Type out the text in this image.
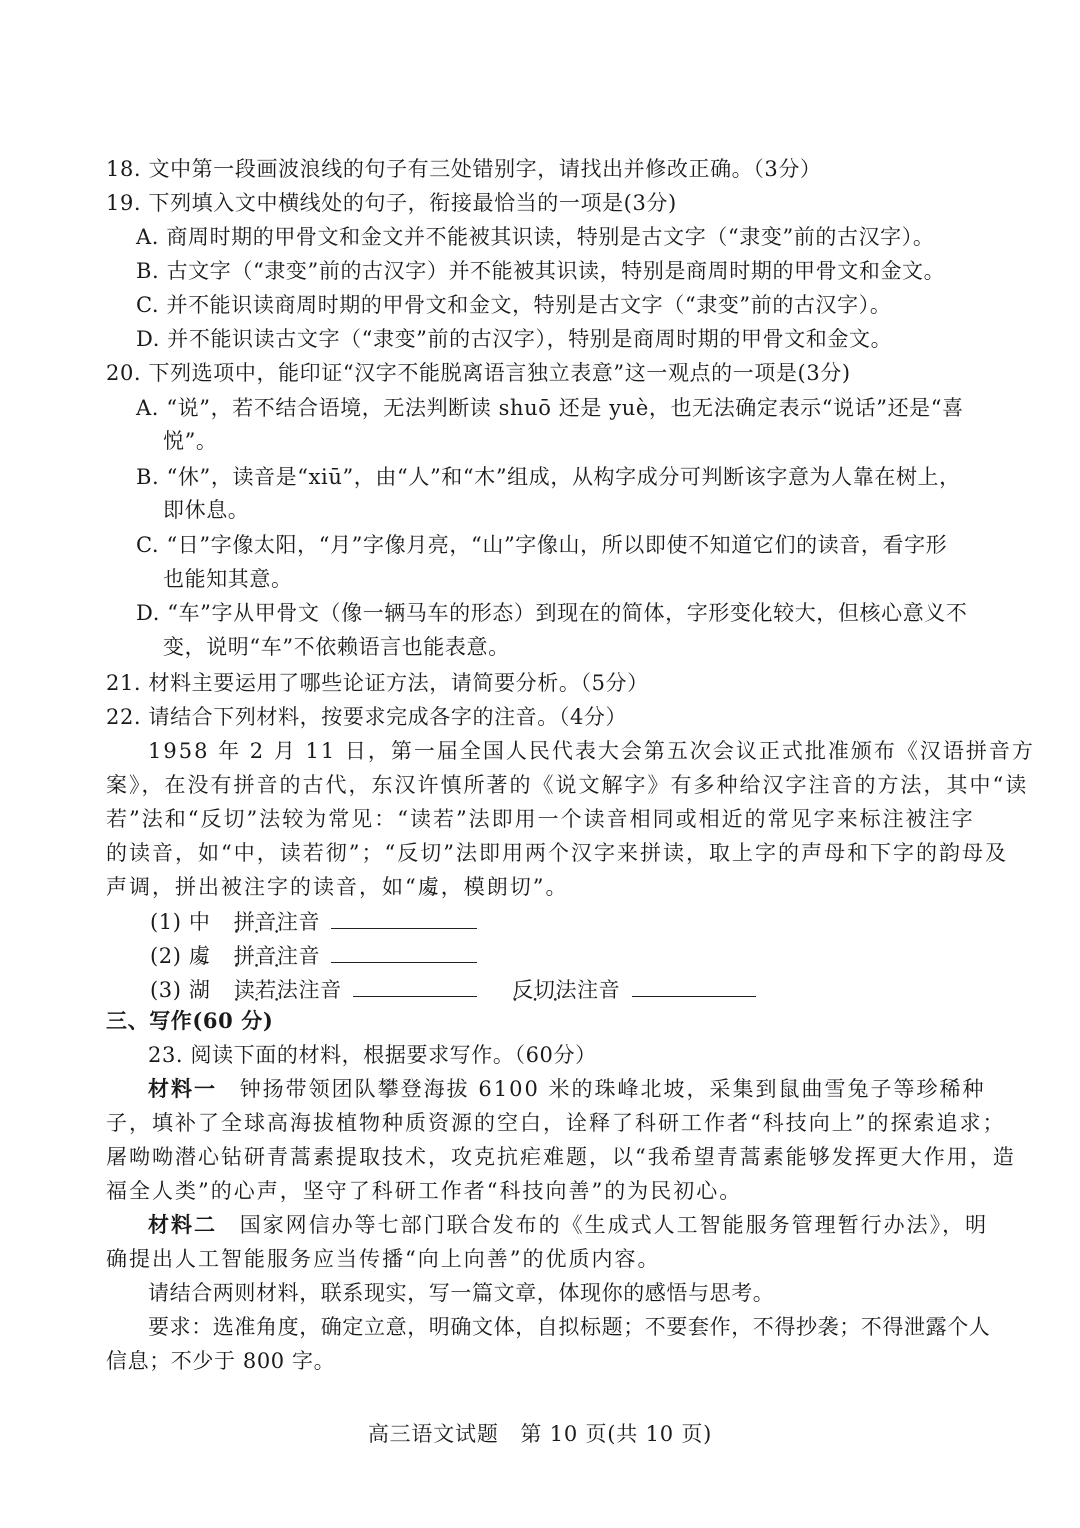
18. 文中第一段画波浪线的句子有三处错别字，请找出并修改正确。（3分）
19. 下列填入文中横线处的句子，衔接最恰当的一项是(3分)
A. 商周时期的甲骨文和金文并不能被其识读，特别是古文字（“隶变”前的古汉字）。
B. 古文字（“隶变”前的古汉字）并不能被其识读，特别是商周时期的甲骨文和金文。
C. 并不能识读商周时期的甲骨文和金文，特别是古文字（“隶变”前的古汉字）。
D. 并不能识读古文字（“隶变”前的古汉字），特别是商周时期的甲骨文和金文。
20. 下列选项中，能印证“汉字不能脱离语言独立表意”这一观点的一项是(3分)
A. “说”，若不结合语境，无法判断读 shuō 还是 yuè，也无法确定表示“说话”还是“喜
悦”。
B. “休”，读音是“xiū”，由“人”和“木”组成，从构字成分可判断该字意为人靠在树上，
即休息。
C. “日”字像太阳，“月”字像月亮，“山”字像山，所以即使不知道它们的读音，看字形
也能知其意。
D. “车”字从甲骨文（像一辆马车的形态）到现在的简体，字形变化较大，但核心意义不
变，说明“车”不依赖语言也能表意。
21. 材料主要运用了哪些论证方法，请简要分析。（5分）
22. 请结合下列材料，按要求完成各字的注音。（4分）
1958 年 2 月 11 日，第一届全国人民代表大会第五次会议正式批准颁布《汉语拼音方
案》，在没有拼音的古代，东汉许慎所著的《说文解字》有多种给汉字注音的方法，其中“读
若”法和“反切”法较为常见：“读若”法即用一个读音相同或相近的常见字来标注被注字
的读音，如“中，读若彻”；“反切”法即用两个汉字来拼读，取上字的声母和下字的韵母及
声调，拼出被注字的读音，如“䖏，模朗切”。
(1) 中 拼音注音 • • •
(2) 䖏 拼音注音 • • •
(3) 湖 读若法注音 • • •	反切法注音 • • •
三、写作(60 分)
23. 阅读下面的材料，根据要求写作。（60分）
材料一 钟扬带领团队攀登海拔 6100 米的珠峰北坡，采集到鼠曲雪兔子等珍稀种
子，填补了全球高海拔植物种质资源的空白，诠释了科研工作者“科技向上”的探索追求；
屠呦呦潜心钻研青蒿素提取技术，攻克抗疟难题，以“我希望青蒿素能够发挥更大作用，造
福全人类”的心声，坚守了科研工作者“科技向善”的为民初心。
材料二 国家网信办等七部门联合发布的《生成式人工智能服务管理暂行办法》，明
确提出人工智能服务应当传播“向上向善”的优质内容。
请结合两则材料，联系现实，写一篇文章，体现你的感悟与思考。
要求：选准角度，确定立意，明确文体，自拟标题；不要套作，不得抄袭；不得泄露个人
信息；不少于 800 字。
高三语文试题　第 10 页(共 10 页)
